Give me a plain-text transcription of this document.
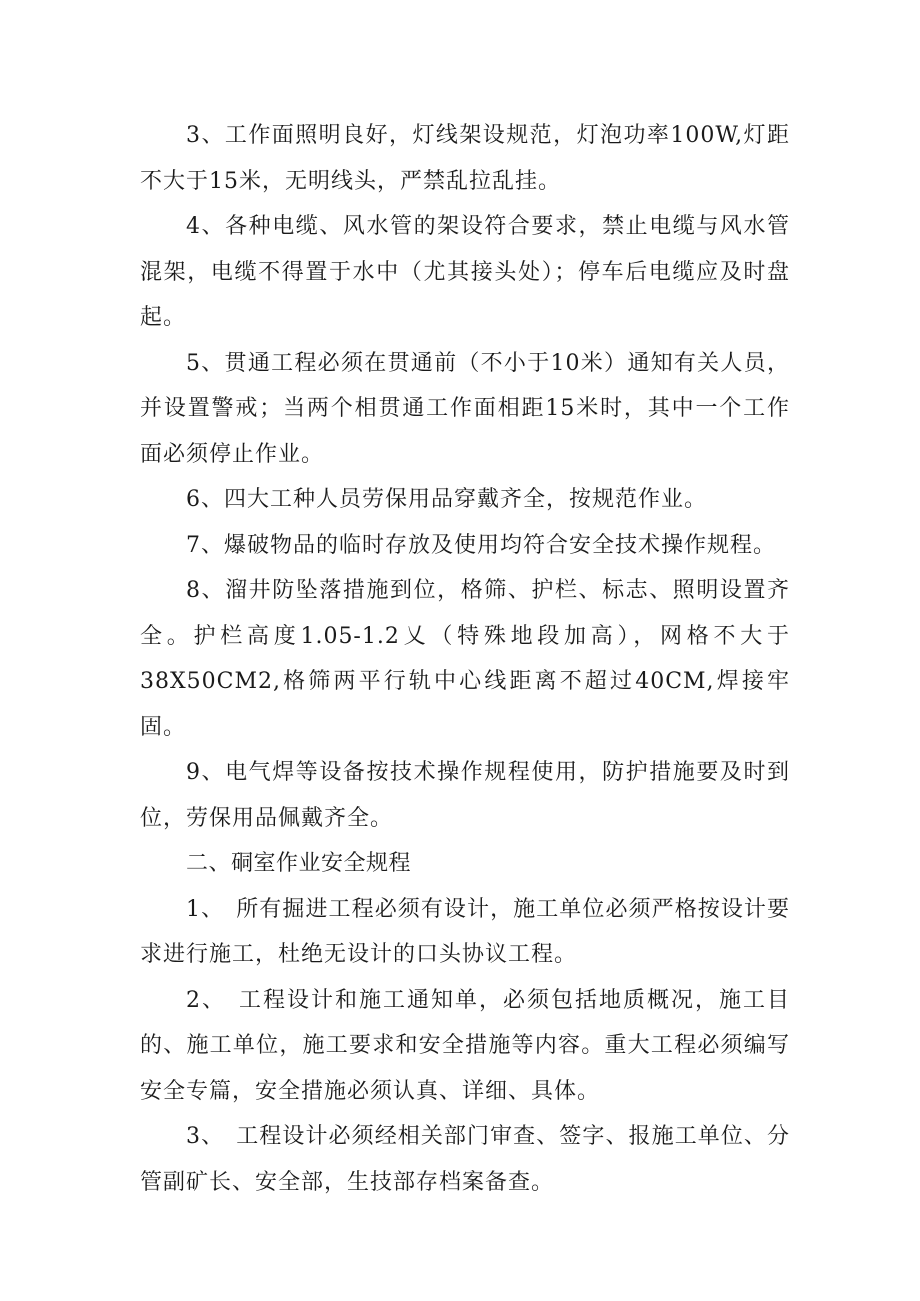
3、工作面照明良好，灯线架设规范，灯泡功率100W,灯距不大于15米，无明线头，严禁乱拉乱挂。

4、各种电缆、风水管的架设符合要求，禁止电缆与风水管混架，电缆不得置于水中（尤其接头处）；停车后电缆应及时盘起。

5、贯通工程必须在贯通前（不小于10米）通知有关人员，并设置警戒；当两个相贯通工作面相距15米时，其中一个工作面必须停止作业。

6、四大工种人员劳保用品穿戴齐全，按规范作业。

7、爆破物品的临时存放及使用均符合安全技术操作规程。

8、溜井防坠落措施到位，格筛、护栏、标志、照明设置齐全。护栏高度1.05-1.2乂（特殊地段加高），网格不大于38X50CM2,格筛两平行轨中心线距离不超过40CM,焊接牢固。

9、电气焊等设备按技术操作规程使用，防护措施要及时到位，劳保用品佩戴齐全。

二、硐室作业安全规程

1、　所有掘进工程必须有设计，施工单位必须严格按设计要求进行施工，杜绝无设计的口头协议工程。

2、　工程设计和施工通知单，必须包括地质概况，施工目的、施工单位，施工要求和安全措施等内容。重大工程必须编写安全专篇，安全措施必须认真、详细、具体。

3、　工程设计必须经相关部门审查、签字、报施工单位、分管副矿长、安全部，生技部存档案备查。
